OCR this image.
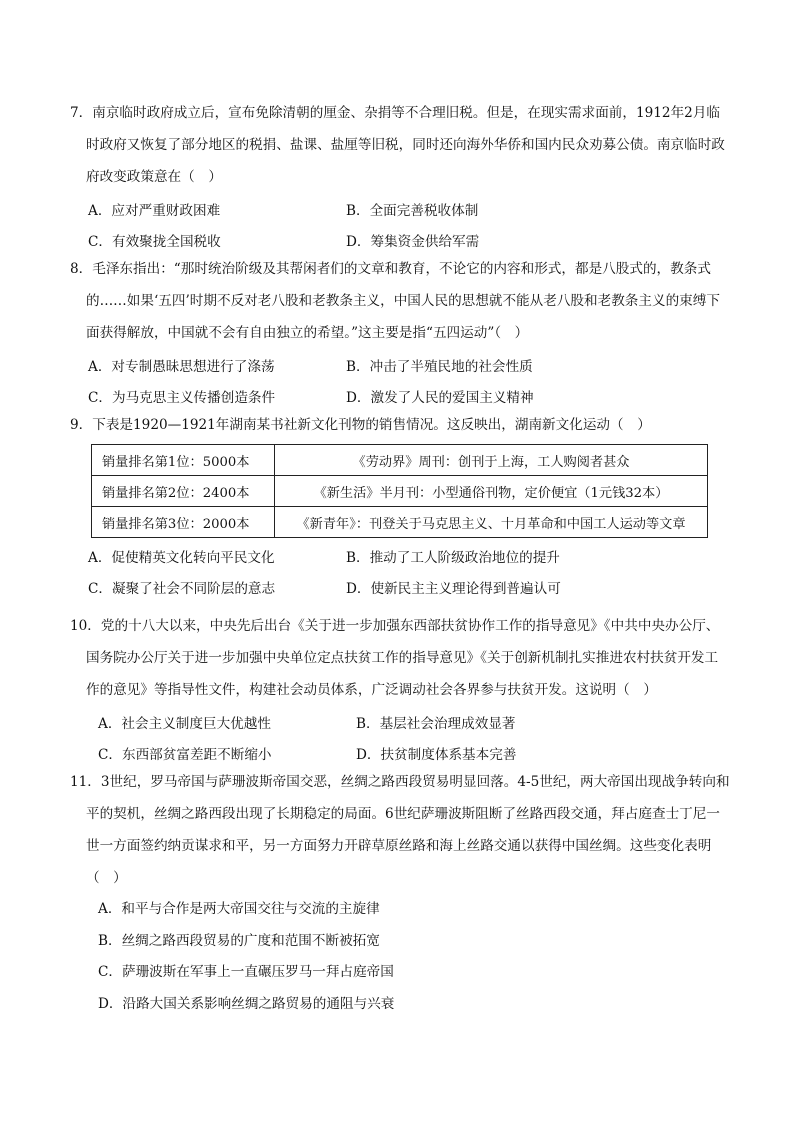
7．南京临时政府成立后，宣布免除清朝的厘金、杂捐等不合理旧税。但是，在现实需求面前，1912年2月临时政府又恢复了部分地区的税捐、盐课、盐厘等旧税，同时还向海外华侨和国内民众劝募公债。南京临时政府改变政策意在（　）

A．应对严重财政困难	B．全面完善税收体制
C．有效聚拢全国税收	D．筹集资金供给军需

8．毛泽东指出：“那时统治阶级及其帮闲者们的文章和教育，不论它的内容和形式，都是八股式的，教条式的……如果‘五四’时期不反对老八股和老教条主义，中国人民的思想就不能从老八股和老教条主义的束缚下面获得解放，中国就不会有自由独立的希望。”这主要是指“五四运动”（　）

A．对专制愚昧思想进行了涤荡	B．冲击了半殖民地的社会性质
C．为马克思主义传播创造条件	D．激发了人民的爱国主义精神

9．下表是1920—1921年湖南某书社新文化刊物的销售情况。这反映出，湖南新文化运动（　）

销量排名第1位：5000本	《劳动界》周刊：创刊于上海，工人购阅者甚众
销量排名第2位：2400本	《新生活》半月刊：小型通俗刊物，定价便宜（1元钱32本）
销量排名第3位：2000本	《新青年》：刊登关于马克思主义、十月革命和中国工人运动等文章
A．促使精英文化转向平民文化	B．推动了工人阶级政治地位的提升
C．凝聚了社会不同阶层的意志	D．使新民主主义理论得到普遍认可

10．党的十八大以来，中央先后出台《关于进一步加强东西部扶贫协作工作的指导意见》《中共中央办公厅、国务院办公厅关于进一步加强中央单位定点扶贫工作的指导意见》《关于创新机制扎实推进农村扶贫开发工作的意见》等指导性文件，构建社会动员体系，广泛调动社会各界参与扶贫开发。这说明（　）

A．社会主义制度巨大优越性	B．基层社会治理成效显著
C．东西部贫富差距不断缩小	D．扶贫制度体系基本完善

11．3世纪，罗马帝国与萨珊波斯帝国交恶，丝绸之路西段贸易明显回落。4-5世纪，两大帝国出现战争转向和平的契机，丝绸之路西段出现了长期稳定的局面。6世纪萨珊波斯阻断了丝路西段交通，拜占庭查士丁尼一世一方面签约纳贡谋求和平，另一方面努力开辟草原丝路和海上丝路交通以获得中国丝绸。这些变化表明（　）

A．和平与合作是两大帝国交往与交流的主旋律
B．丝绸之路西段贸易的广度和范围不断被拓宽
C．萨珊波斯在军事上一直碾压罗马一拜占庭帝国
D．沿路大国关系影响丝绸之路贸易的通阻与兴衰
